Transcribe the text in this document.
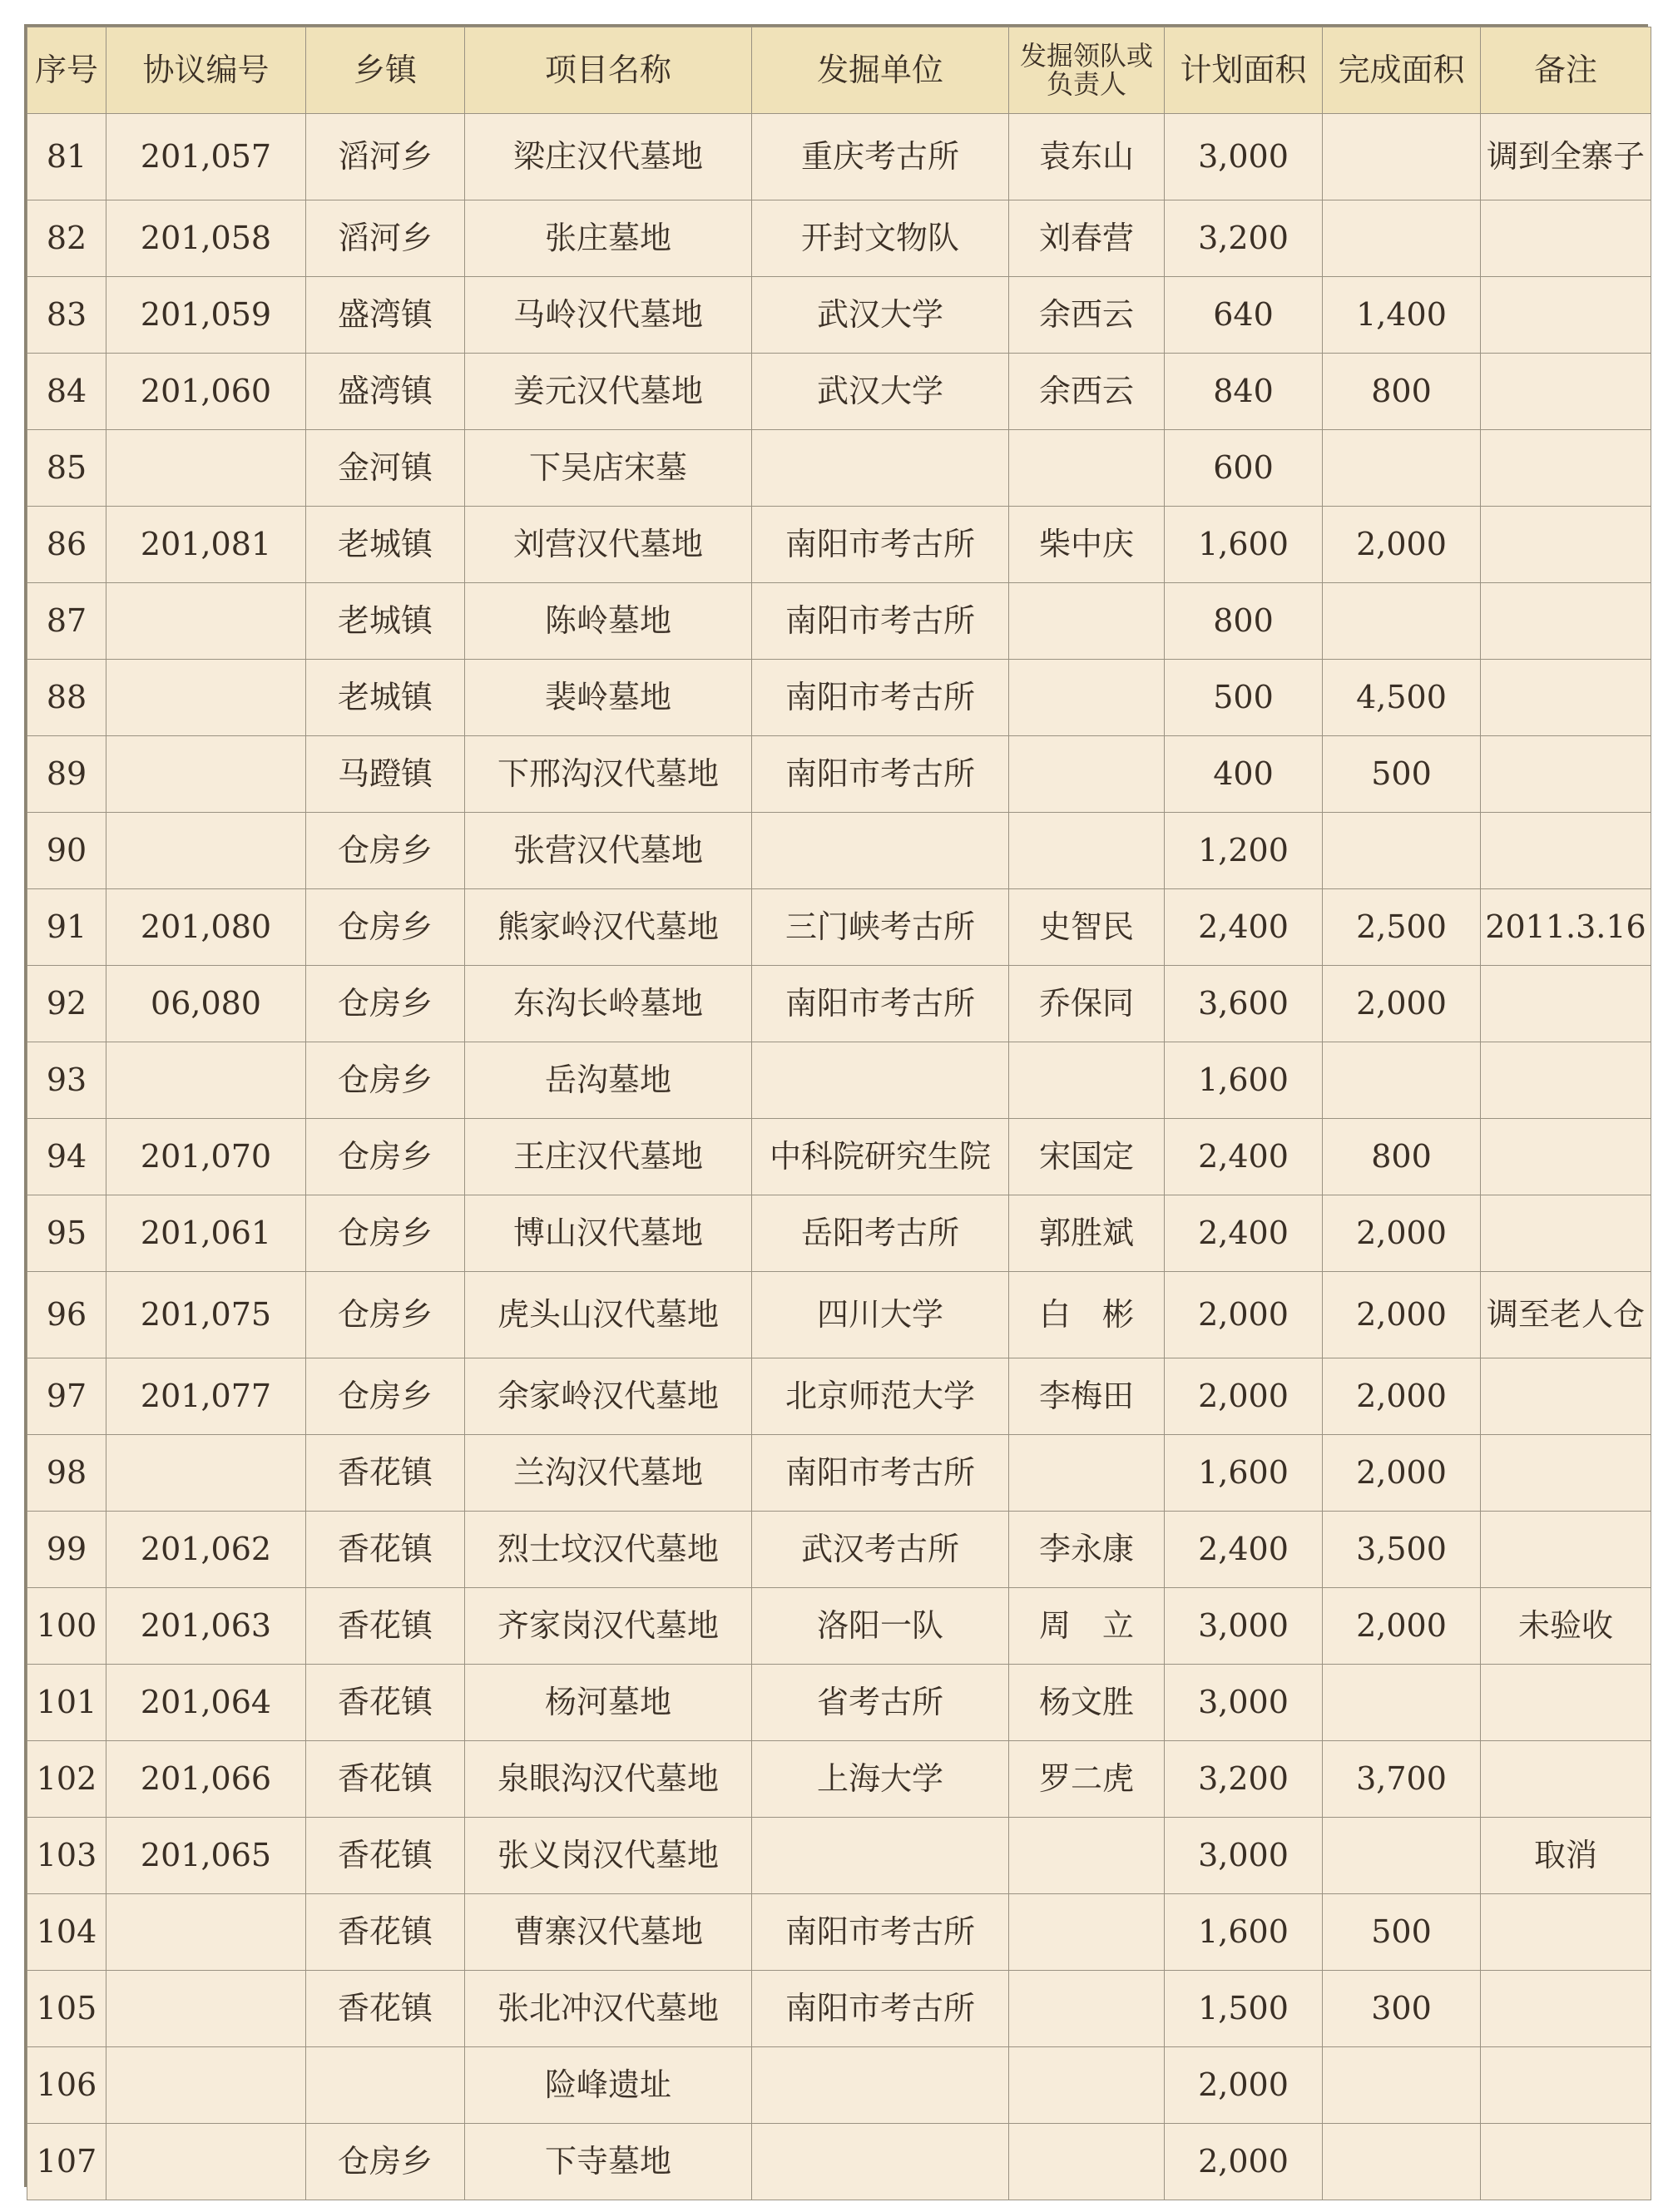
序号	协议编号	乡镇	项目名称	发掘单位	发掘领队或负责人	计划面积	完成面积	备注
81	201,057	滔河乡	梁庄汉代墓地	重庆考古所	袁东山	3,000		调到全寨子
82	201,058	滔河乡	张庄墓地	开封文物队	刘春营	3,200		
83	201,059	盛湾镇	马岭汉代墓地	武汉大学	余西云	640	1,400	
84	201,060	盛湾镇	姜元汉代墓地	武汉大学	余西云	840	800	
85		金河镇	下吴店宋墓			600		
86	201,081	老城镇	刘营汉代墓地	南阳市考古所	柴中庆	1,600	2,000	
87		老城镇	陈岭墓地	南阳市考古所		800		
88		老城镇	裴岭墓地	南阳市考古所		500	4,500	
89		马蹬镇	下邢沟汉代墓地	南阳市考古所		400	500	
90		仓房乡	张营汉代墓地			1,200		
91	201,080	仓房乡	熊家岭汉代墓地	三门峡考古所	史智民	2,400	2,500	2011.3.16
92	06,080	仓房乡	东沟长岭墓地	南阳市考古所	乔保同	3,600	2,000	
93		仓房乡	岳沟墓地			1,600		
94	201,070	仓房乡	王庄汉代墓地	中科院研究生院	宋国定	2,400	800	
95	201,061	仓房乡	博山汉代墓地	岳阳考古所	郭胜斌	2,400	2,000	
96	201,075	仓房乡	虎头山汉代墓地	四川大学	白　彬	2,000	2,000	调至老人仓
97	201,077	仓房乡	余家岭汉代墓地	北京师范大学	李梅田	2,000	2,000	
98		香花镇	兰沟汉代墓地	南阳市考古所		1,600	2,000	
99	201,062	香花镇	烈士坟汉代墓地	武汉考古所	李永康	2,400	3,500	
100	201,063	香花镇	齐家岗汉代墓地	洛阳一队	周　立	3,000	2,000	未验收
101	201,064	香花镇	杨河墓地	省考古所	杨文胜	3,000		
102	201,066	香花镇	泉眼沟汉代墓地	上海大学	罗二虎	3,200	3,700	
103	201,065	香花镇	张义岗汉代墓地			3,000		取消
104		香花镇	曹寨汉代墓地	南阳市考古所		1,600	500	
105		香花镇	张北冲汉代墓地	南阳市考古所		1,500	300	
106			险峰遗址			2,000		
107		仓房乡	下寺墓地			2,000		
